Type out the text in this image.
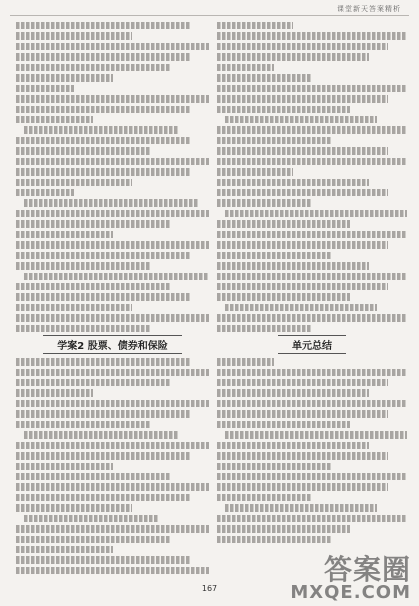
课堂新天答案精析
学案2 股票、债券和保险	单元总结
167
答案圈
MXQE.COM
